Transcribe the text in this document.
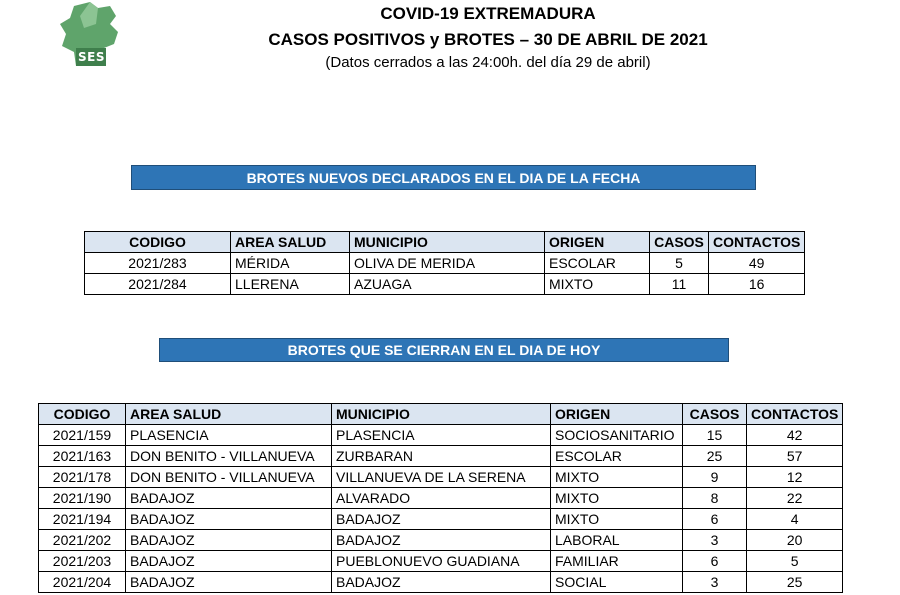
SES
COVID-19 EXTREMADURA
CASOS POSITIVOS y BROTES – 30 DE ABRIL DE 2021
(Datos cerrados a las 24:00h. del día 29 de abril)
BROTES NUEVOS DECLARADOS EN EL DIA DE LA FECHA
CODIGO	AREA SALUD	MUNICIPIO	ORIGEN	CASOS	CONTACTOS
2021/283	MÉRIDA	OLIVA DE MERIDA	ESCOLAR	5	49
2021/284	LLERENA	AZUAGA	MIXTO	11	16
BROTES QUE SE CIERRAN EN EL DIA DE HOY
CODIGO	AREA SALUD	MUNICIPIO	ORIGEN	CASOS	CONTACTOS
2021/159	PLASENCIA	PLASENCIA	SOCIOSANITARIO	15	42
2021/163	DON BENITO - VILLANUEVA	ZURBARAN	ESCOLAR	25	57
2021/178	DON BENITO - VILLANUEVA	VILLANUEVA DE LA SERENA	MIXTO	9	12
2021/190	BADAJOZ	ALVARADO	MIXTO	8	22
2021/194	BADAJOZ	BADAJOZ	MIXTO	6	4
2021/202	BADAJOZ	BADAJOZ	LABORAL	3	20
2021/203	BADAJOZ	PUEBLONUEVO GUADIANA	FAMILIAR	6	5
2021/204	BADAJOZ	BADAJOZ	SOCIAL	3	25
